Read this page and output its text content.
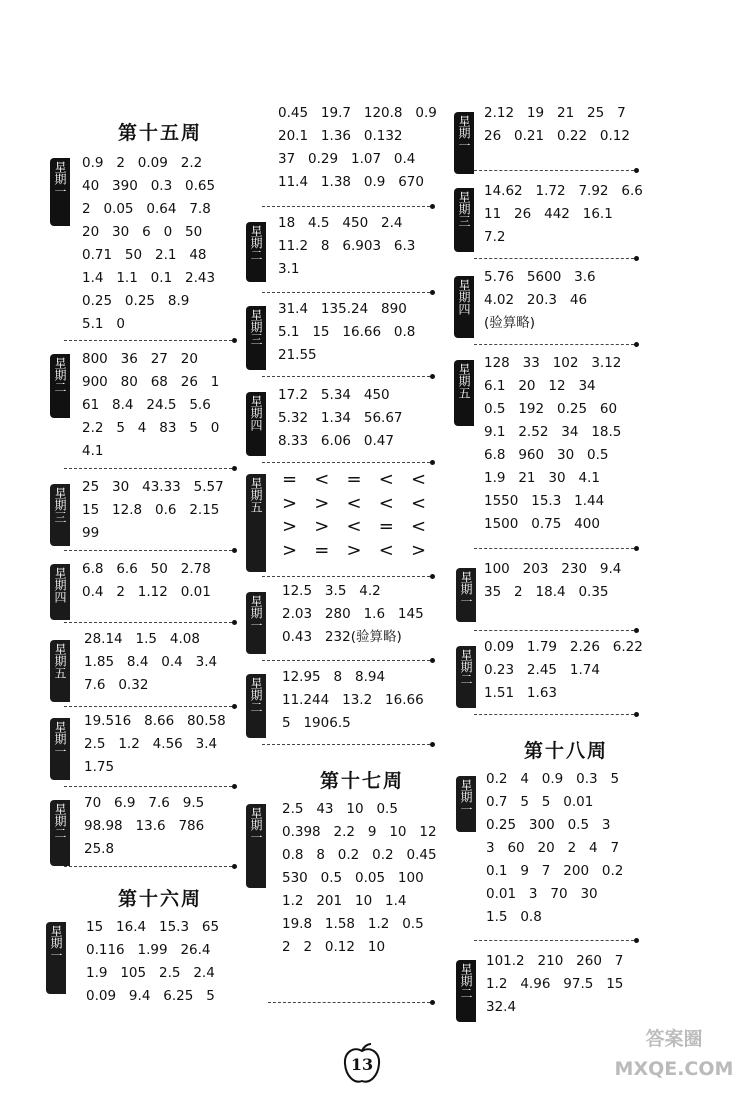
第十五周
星期一 0.9   2   0.09   2.2
40   390   0.3   0.65
2   0.05   0.64   7.8
20   30   6   0   50
0.71   50   2.1   48
1.4   1.1   0.1   2.43
0.25   0.25   8.9
5.1   0
星期二 800   36   27   20
900   80   68   26   1
61   8.4   24.5   5.6
2.2   5   4   83   5   0
4.1
星期三 25   30   43.33   5.57
15   12.8   0.6   2.15
99
星期四 6.8   6.6   50   2.78
0.4   2   1.12   0.01
星期五
28.14   1.5   4.08
1.85   8.4   0.4   3.4
7.6   0.32
星期一 19.516   8.66   80.58
2.5   1.2   4.56   3.4
1.75
星期二 70   6.9   7.6   9.5
98.98   13.6   786
25.8
第十六周
星期一 15   16.4   15.3   65
0.116   1.99   26.4
1.9   105   2.5   2.4
0.09   9.4   6.25   5
0.45   19.7   120.8   0.9
20.1   1.36   0.132
37   0.29   1.07   0.4
11.4   1.38   0.9   670
星期二
18   4.5   450   2.4
11.2   8   6.903   6.3
3.1
星期三 31.4   135.24   890
5.1   15   16.66   0.8
21.55
星期四 17.2   5.34   450
5.32   1.34   56.67
8.33   6.06   0.47
星期五 =   <   =   <   <
>   >   <   <   <
>   >   <   =   <
>   =   >   <   >
星期一
12.5   3.5   4.2
2.03   280   1.6   145
0.43   232(验算略)
星期二 12.95   8   8.94
11.244   13.2   16.66
5   1906.5
第十七周
星期一 2.5   43   10   0.5
0.398   2.2   9   10   12
0.8   8   0.2   0.2   0.45
530   0.5   0.05   100
1.2   201   10   1.4
19.8   1.58   1.2   0.5
2   2   0.12   10
星期一
2.12   19   21   25   7
26   0.21   0.22   0.12
星期三 14.62   1.72   7.92   6.6
11   26   442   16.1
7.2
星期四
5.76   5600   3.6
4.02   20.3   46
(验算略)
星期五 128   33   102   3.12
6.1   20   12   34
0.5   192   0.25   60
9.1   2.52   34   18.5
6.8   960   30   0.5
1.9   21   30   4.1
1550   15.3   1.44
1500   0.75   400
星期一
100   203   230   9.4
35   2   18.4   0.35
星期二
0.09   1.79   2.26   6.22
0.23   2.45   1.74
1.51   1.63
第十八周
星期一 0.2   4   0.9   0.3   5
0.7   5   5   0.01
0.25   300   0.5   3
3   60   20   2   4   7
0.1   9   7   200   0.2
0.01   3   70   30
1.5   0.8
星期二
101.2   210   260   7
1.2   4.96   97.5   15
32.4
13
答案圈 MXQE.COM
